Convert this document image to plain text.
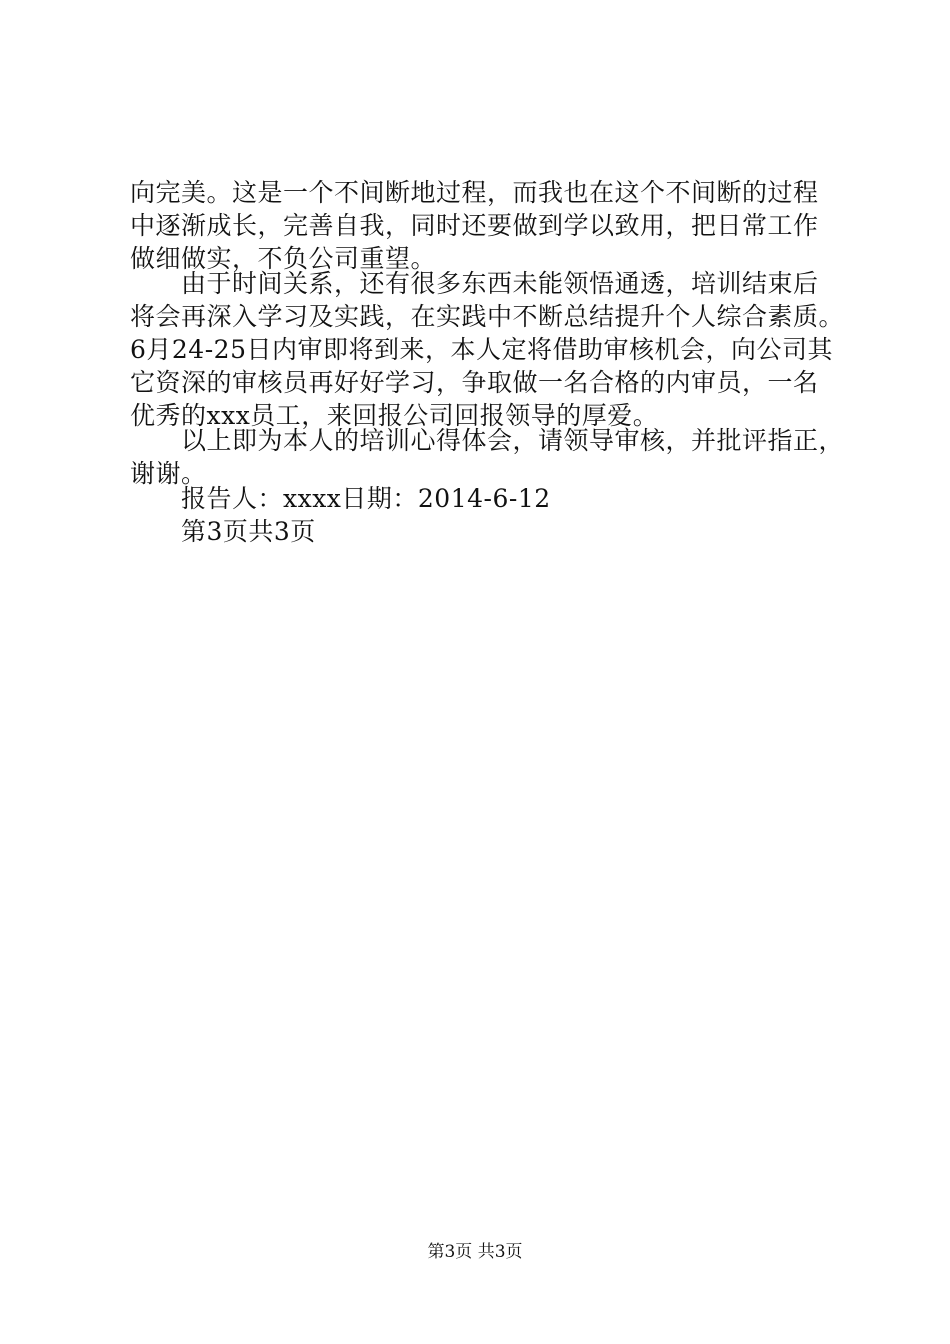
向完美。这是一个不间断地过程，而我也在这个不间断的过程
中逐渐成长，完善自我，同时还要做到学以致用，把日常工作
做细做实，不负公司重望。
　　由于时间关系，还有很多东西未能领悟通透，培训结束后
将会再深入学习及实践，在实践中不断总结提升个人综合素质。
6月24-25日内审即将到来，本人定将借助审核机会，向公司其
它资深的审核员再好好学习，争取做一名合格的内审员，一名
优秀的xxx员工，来回报公司回报领导的厚爱。
　　以上即为本人的培训心得体会，请领导审核，并批评指正，
谢谢。
　　报告人：xxxx日期：2014-6-12
　　第3页共3页
第3页 共3页
